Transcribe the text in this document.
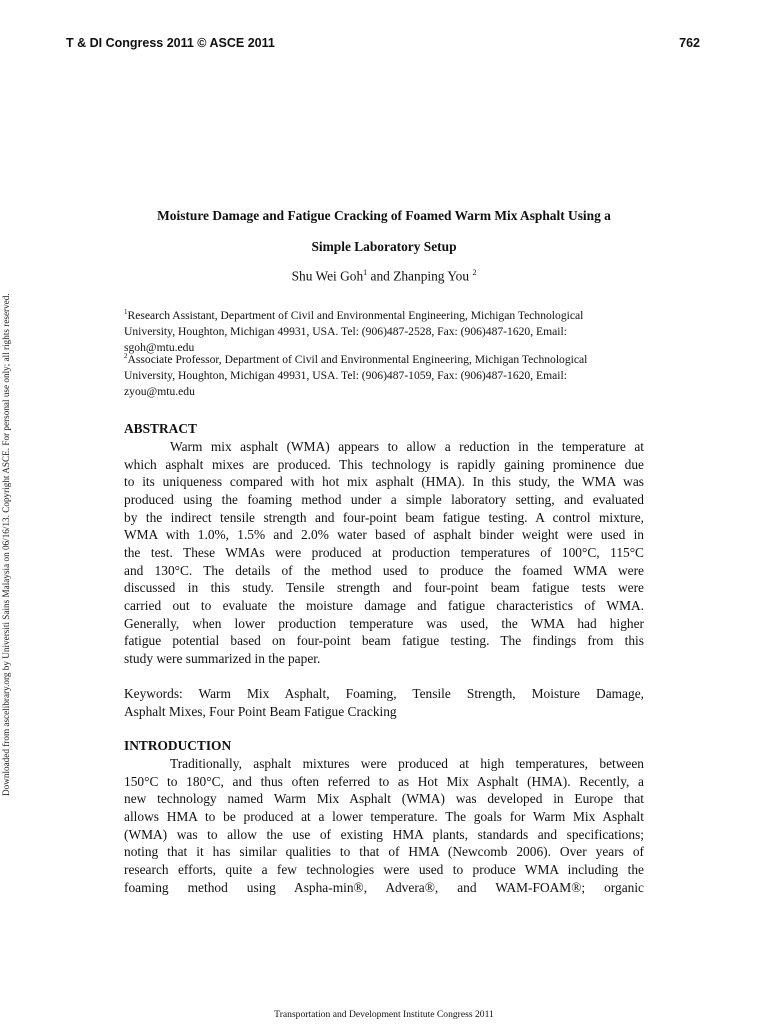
T & DI Congress 2011 © ASCE 2011	762
Downloaded from ascelibrary.org by Universiti Sains Malaysia on 06/16/13. Copyright ASCE. For personal use only; all rights reserved.
Moisture Damage and Fatigue Cracking of Foamed Warm Mix Asphalt Using a
Simple Laboratory Setup
Shu Wei Goh$^1$ and Zhanping You $^2$
$^1$Research Assistant, Department of Civil and Environmental Engineering, Michigan Technological
University, Houghton, Michigan 49931, USA. Tel: (906)487-2528, Fax: (906)487-1620, Email:
sgoh@mtu.edu
$^2$Associate Professor, Department of Civil and Environmental Engineering, Michigan Technological
University, Houghton, Michigan 49931, USA. Tel: (906)487-1059, Fax: (906)487-1620, Email:
zyou@mtu.edu
ABSTRACT
Warm mix asphalt (WMA) appears to allow a reduction in the temperature at
which asphalt mixes are produced. This technology is rapidly gaining prominence due
to its uniqueness compared with hot mix asphalt (HMA). In this study, the WMA was
produced using the foaming method under a simple laboratory setting, and evaluated
by the indirect tensile strength and four-point beam fatigue testing. A control mixture,
WMA with 1.0%, 1.5% and 2.0% water based of asphalt binder weight were used in
the test. These WMAs were produced at production temperatures of 100°C, 115°C
and 130°C. The details of the method used to produce the foamed WMA were
discussed in this study. Tensile strength and four-point beam fatigue tests were
carried out to evaluate the moisture damage and fatigue characteristics of WMA.
Generally, when lower production temperature was used, the WMA had higher
fatigue potential based on four-point beam fatigue testing. The findings from this
study were summarized in the paper.
Keywords: Warm Mix Asphalt, Foaming, Tensile Strength, Moisture Damage,
Asphalt Mixes, Four Point Beam Fatigue Cracking
INTRODUCTION
Traditionally, asphalt mixtures were produced at high temperatures, between
150°C to 180°C, and thus often referred to as Hot Mix Asphalt (HMA). Recently, a
new technology named Warm Mix Asphalt (WMA) was developed in Europe that
allows HMA to be produced at a lower temperature. The goals for Warm Mix Asphalt
(WMA) was to allow the use of existing HMA plants, standards and specifications;
noting that it has similar qualities to that of HMA (Newcomb 2006). Over years of
research efforts, quite a few technologies were used to produce WMA including the
foaming method using Aspha-min®, Advera®, and WAM-FOAM®; organic
Transportation and Development Institute Congress 2011
